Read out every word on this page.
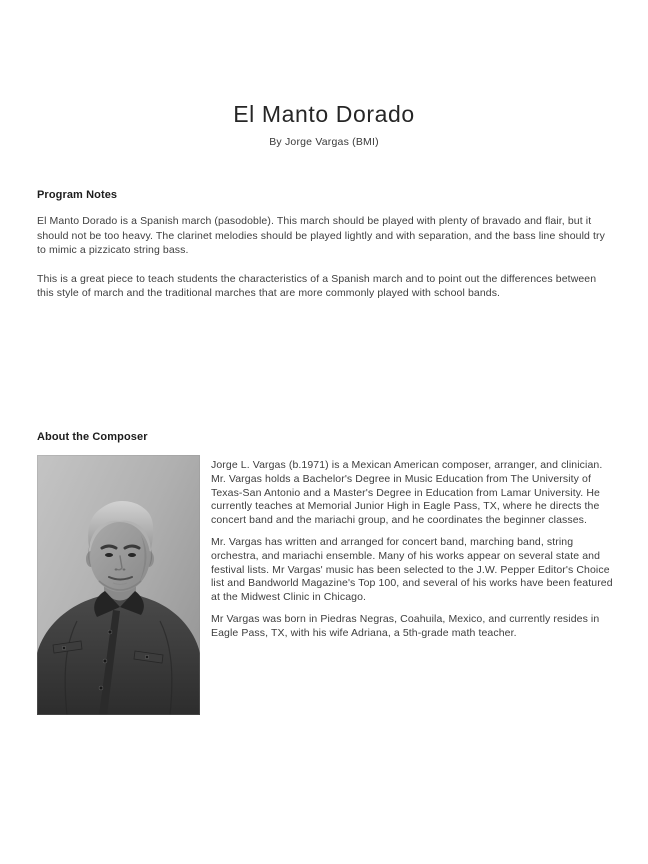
El Manto Dorado
By Jorge Vargas (BMI)
Program Notes

El Manto Dorado is a Spanish march (pasodoble). This march should be played with plenty of bravado and flair, but it should not be too heavy. The clarinet melodies should be played lightly and with separation, and the bass line should try to mimic a pizzicato string bass.

This is a great piece to teach students the characteristics of a Spanish march and to point out the differences between this style of march and the traditional marches that are more commonly played with school bands.

About the Composer

Jorge L. Vargas (b.1971) is a Mexican American composer, arranger, and clinician. Mr. Vargas holds a Bachelor's Degree in Music Education from The University of Texas-San Antonio and a Master's Degree in Education from Lamar University. He currently teaches at Memorial Junior High in Eagle Pass, TX, where he directs the concert band and the mariachi group, and he coordinates the beginner classes.

Mr. Vargas has written and arranged for concert band, marching band, string orchestra, and mariachi ensemble. Many of his works appear on several state and festival lists. Mr Vargas' music has been selected to the J.W. Pepper Editor's Choice list and Bandworld Magazine's Top 100, and several of his works have been featured at the Midwest Clinic in Chicago.

Mr Vargas was born in Piedras Negras, Coahuila, Mexico, and currently resides in Eagle Pass, TX, with his wife Adriana, a 5th-grade math teacher.
